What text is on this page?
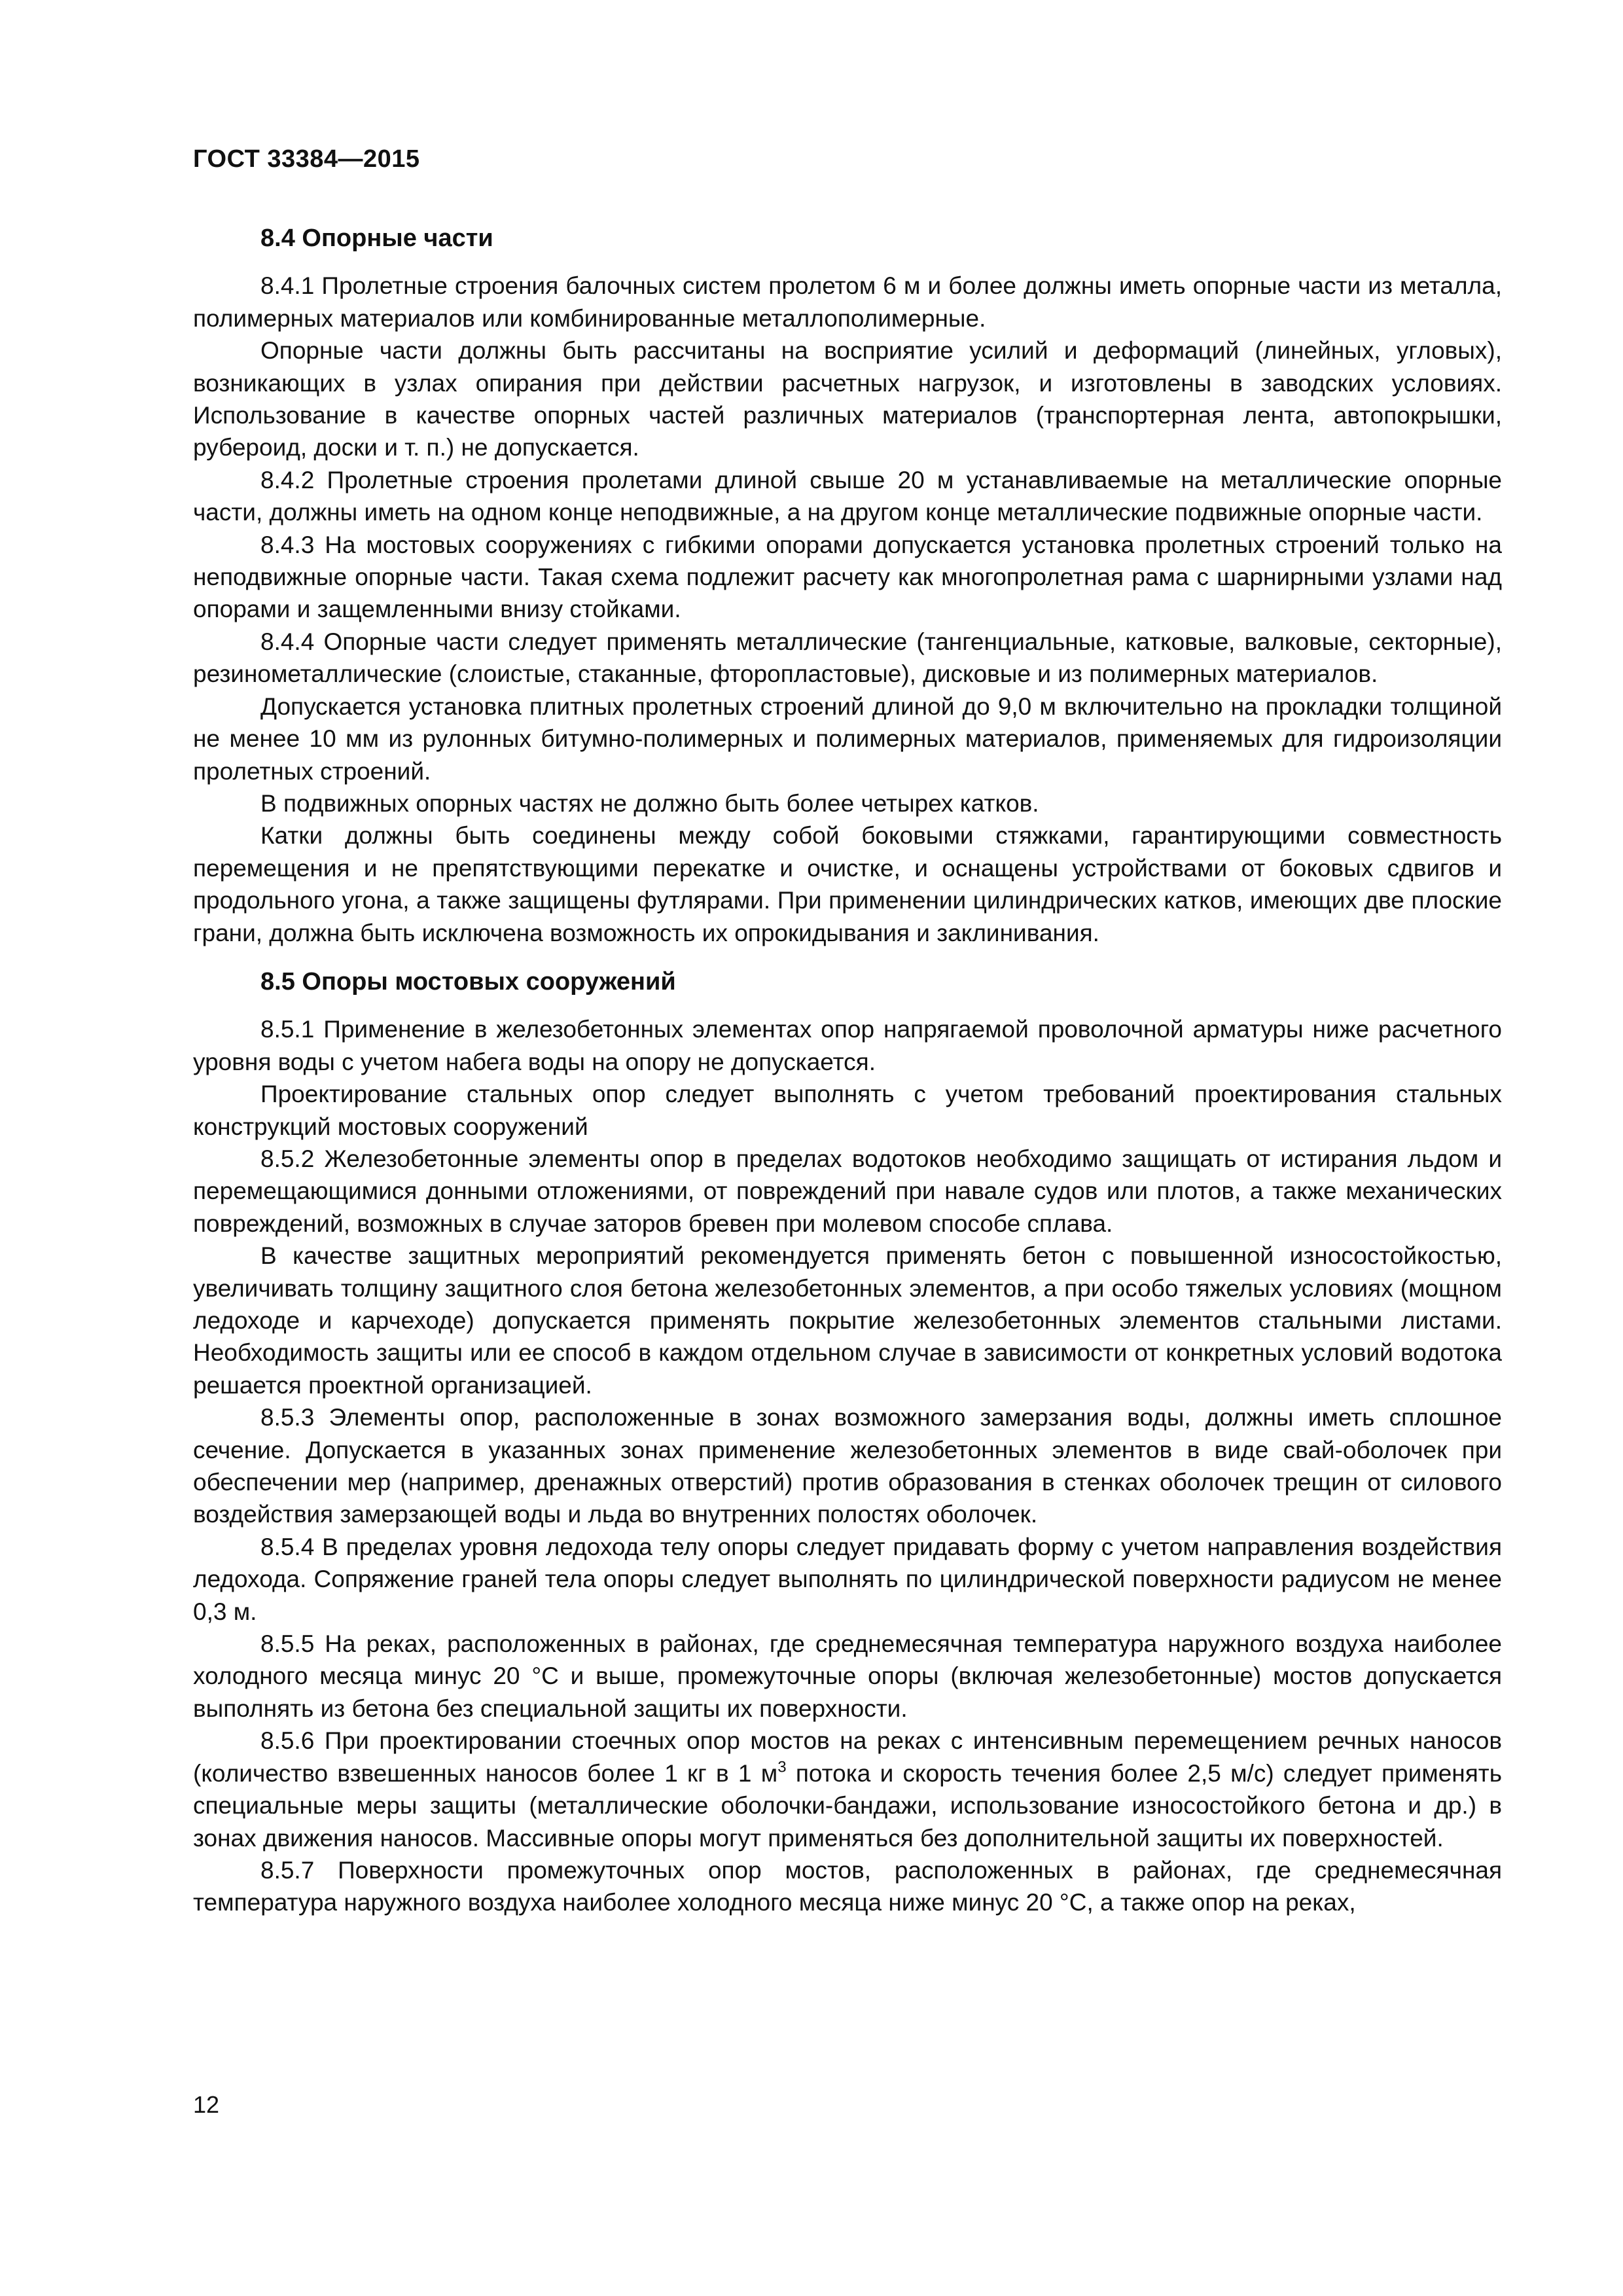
ГОСТ 33384—2015

8.4 Опорные части

8.4.1 Пролетные строения балочных систем пролетом 6 м и более должны иметь опорные части из металла, полимерных материалов или комбинированные металлополимерные.

Опорные части должны быть рассчитаны на восприятие усилий и деформаций (линейных, угловых), возникающих в узлах опирания при действии расчетных нагрузок, и изготовлены в заводских условиях. Использование в качестве опорных частей различных материалов (транспортерная лента, автопокрышки, рубероид, доски и т. п.) не допускается.

8.4.2 Пролетные строения пролетами длиной свыше 20 м устанавливаемые на металлические опорные части, должны иметь на одном конце неподвижные, а на другом конце металлические подвижные опорные части.

8.4.3 На мостовых сооружениях с гибкими опорами допускается установка пролетных строений только на неподвижные опорные части. Такая схема подлежит расчету как многопролетная рама с шарнирными узлами над опорами и защемленными внизу стойками.

8.4.4 Опорные части следует применять металлические (тангенциальные, катковые, валковые, секторные), резинометаллические (слоистые, стаканные, фторопластовые), дисковые и из полимерных материалов.

Допускается установка плитных пролетных строений длиной до 9,0 м включительно на прокладки толщиной не менее 10 мм из рулонных битумно-полимерных и полимерных материалов, применяемых для гидроизоляции пролетных строений.

В подвижных опорных частях не должно быть более четырех катков.

Катки должны быть соединены между собой боковыми стяжками, гарантирующими совместность перемещения и не препятствующими перекатке и очистке, и оснащены устройствами от боковых сдвигов и продольного угона, а также защищены футлярами. При применении цилиндрических катков, имеющих две плоские грани, должна быть исключена возможность их опрокидывания и заклинивания.

8.5 Опоры мостовых сооружений

8.5.1 Применение в железобетонных элементах опор напрягаемой проволочной арматуры ниже расчетного уровня воды с учетом набега воды на опору не допускается.

Проектирование стальных опор следует выполнять с учетом требований проектирования стальных конструкций мостовых сооружений

8.5.2 Железобетонные элементы опор в пределах водотоков необходимо защищать от истирания льдом и перемещающимися донными отложениями, от повреждений при навале судов или плотов, а также механических повреждений, возможных в случае заторов бревен при молевом способе сплава.

В качестве защитных мероприятий рекомендуется применять бетон с повышенной износостойкостью, увеличивать толщину защитного слоя бетона железобетонных элементов, а при особо тяжелых условиях (мощном ледоходе и карчеходе) допускается применять покрытие железобетонных элементов стальными листами. Необходимость защиты или ее способ в каждом отдельном случае в зависимости от конкретных условий водотока решается проектной организацией.

8.5.3 Элементы опор, расположенные в зонах возможного замерзания воды, должны иметь сплошное сечение. Допускается в указанных зонах применение железобетонных элементов в виде свай-оболочек при обеспечении мер (например, дренажных отверстий) против образования в стенках оболочек трещин от силового воздействия замерзающей воды и льда во внутренних полостях оболочек.

8.5.4 В пределах уровня ледохода телу опоры следует придавать форму с учетом направления воздействия ледохода. Сопряжение граней тела опоры следует выполнять по цилиндрической поверхности радиусом не менее 0,3 м.

8.5.5 На реках, расположенных в районах, где среднемесячная температура наружного воздуха наиболее холодного месяца минус 20 °С и выше, промежуточные опоры (включая железобетонные) мостов допускается выполнять из бетона без специальной защиты их поверхности.

8.5.6 При проектировании стоечных опор мостов на реках с интенсивным перемещением речных наносов (количество взвешенных наносов более 1 кг в 1 $м^3$ потока и скорость течения более 2,5 м/с) следует применять специальные меры защиты (металлические оболочки-бандажи, использование износостойкого бетона и др.) в зонах движения наносов. Массивные опоры могут применяться без дополнительной защиты их поверхностей.

8.5.7 Поверхности промежуточных опор мостов, расположенных в районах, где среднемесячная температура наружного воздуха наиболее холодного месяца ниже минус 20 °С, а также опор на реках,

12
